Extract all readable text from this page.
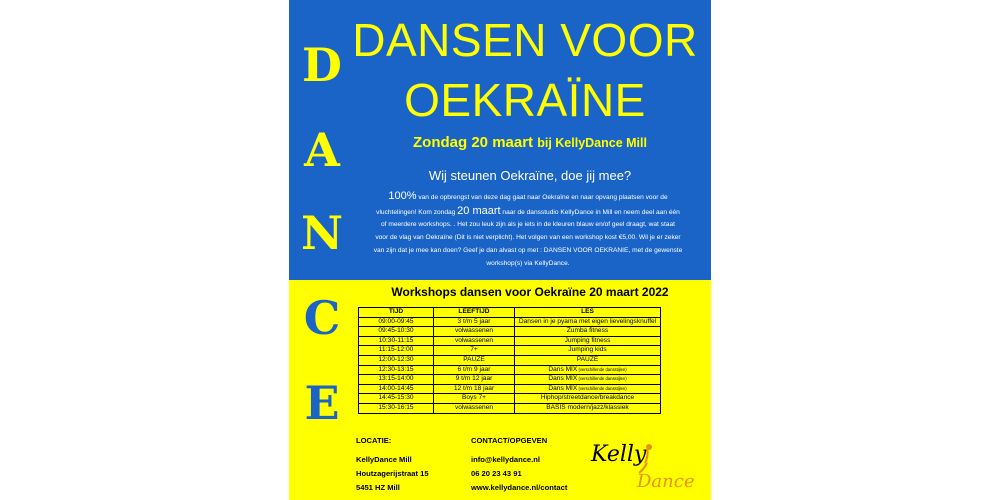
D
A
N
C
E
DANSEN VOOR
OEKRAÏNE
Zondag 20 maart bij KellyDance Mill
Wij steunen Oekraïne, doe jij mee?
100% van de opbrengst van deze dag gaat naar Oekraïne en naar opvang plaatsen voor de
vluchtelingen! Kom zondag 20 maart naar de dansstudio KellyDance in Mill en neem deel aan één
of meerdere workshops. . Het zou leuk zijn als je iets in de kleuren blauw en/of geel draagt, wat staat
voor de vlag van Oekraïne (Dit is niet verplicht). Het volgen van een workshop kost €5,00. Wil je er zeker
van zijn dat je mee kan doen? Geef je dan alvast op met : DANSEN VOOR OEKRANIE, met de gewenste
workshop(s) via KellyDance.
Workshops dansen voor Oekraïne 20 maart 2022
TIJD	LEEFTIJD	LES
09:00-09:45	3 t/m 5 jaar	Dansen in je pyama met eigen lievelingsknuffel
09:45-10:30	volwassenen	Zumba fitness
10:30-11:15	volwassenen	Jumping fitness
11:15-12:00	7+	Jumping kids
12:00-12:30	PAUZE	PAUZE
12:30-13:15	6 t/m 9 jaar	Dans MIX (verschillende dansstijlen)
13:15-14:00	9 t/m 12 jaar	Dans MIX (verschillende dansstijlen)
14:00-14:45	12 t/m 18 jaar	Dans MIX (verschillende dansstijlen)
14:45-15:30	Boys 7+	Hiphop/streetdance/breakdance
15:30-16:15	volwassenen	BASIS modern/jazz/klassiek
LOCATIE:
KellyDance Mill
Houtzagerijstraat 15
5451 HZ Mill
CONTACT/OPGEVEN
info@kellydance.nl
06 20 23 43 91
www.kellydance.nl/contact
Kelly
Dance
